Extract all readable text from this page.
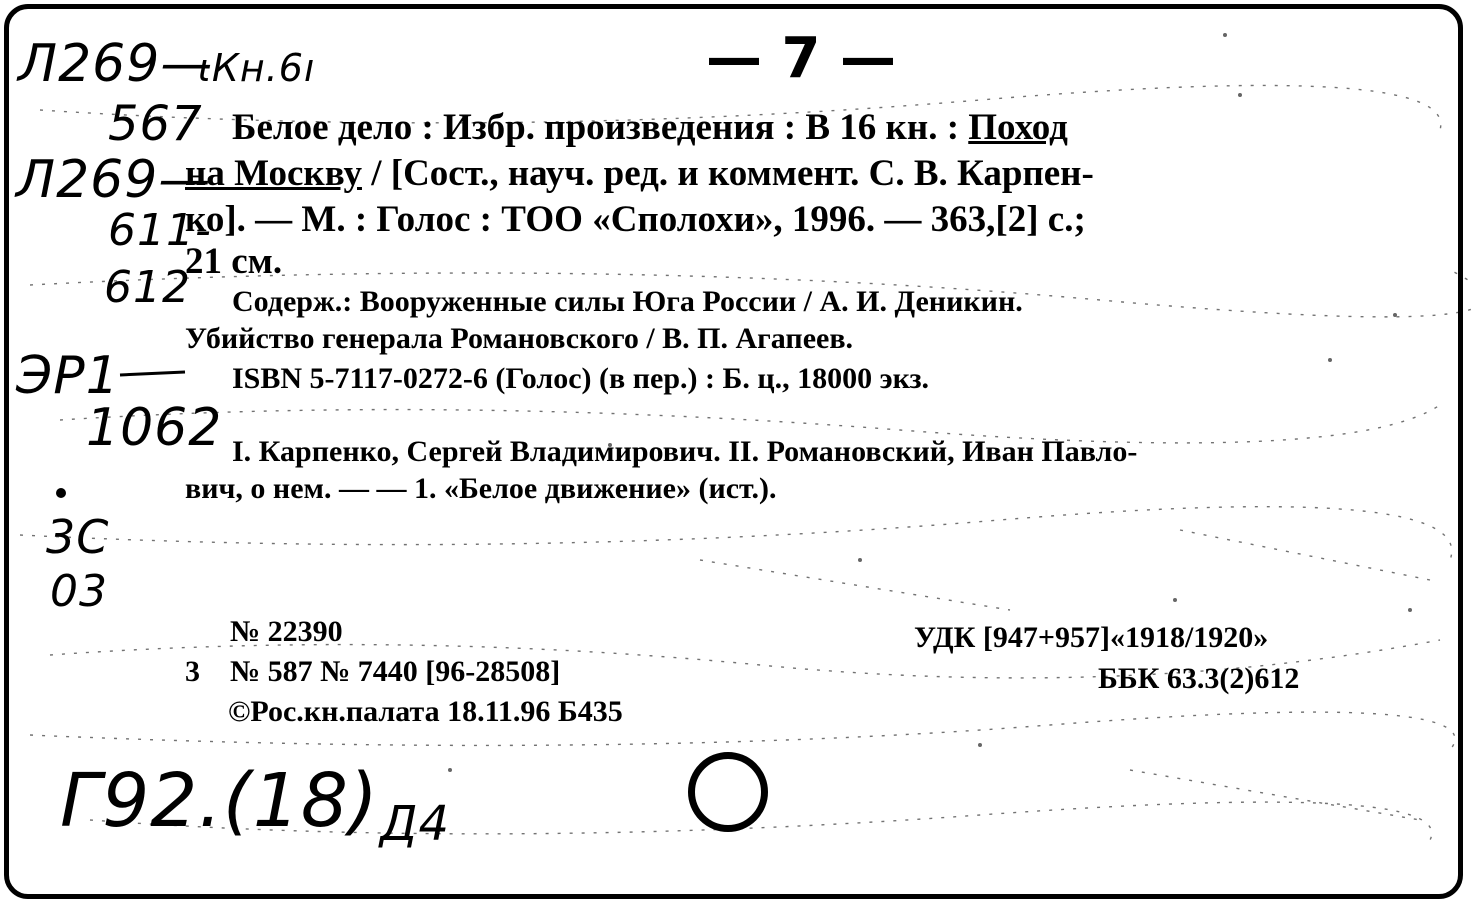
— 7 —
Л269—
ιКн.6ı
567
Л269—
611-
612
ЭР1
1062
3С
03
Г92.(18) Д4
Белое дело : Избр. произведения : В 16 кн. : Поход
на Москву / [Сост., науч. ред. и коммент. С. В. Карпен-
ко]. — М. : Голос : ТОО «Сполохи», 1996. — 363,[2] с.;
21 см.
Содерж.: Вооруженные силы Юга России / А. И. Деникин.
Убийство генерала Романовского / В. П. Агапеев.
ISBN 5-7117-0272-6 (Голос) (в пер.) : Б. ц., 18000 экз.
I. Карпенко, Сергей Владимирович. II. Романовский, Иван Павло-
вич, о нем. — — 1. «Белое движение» (ист.).
№ 22390
3 № 587 № 7440 [96-28508]
©Рос.кн.палата 18.11.96 Б435
УДК [947+957]«1918/1920»
ББК 63.3(2)612
